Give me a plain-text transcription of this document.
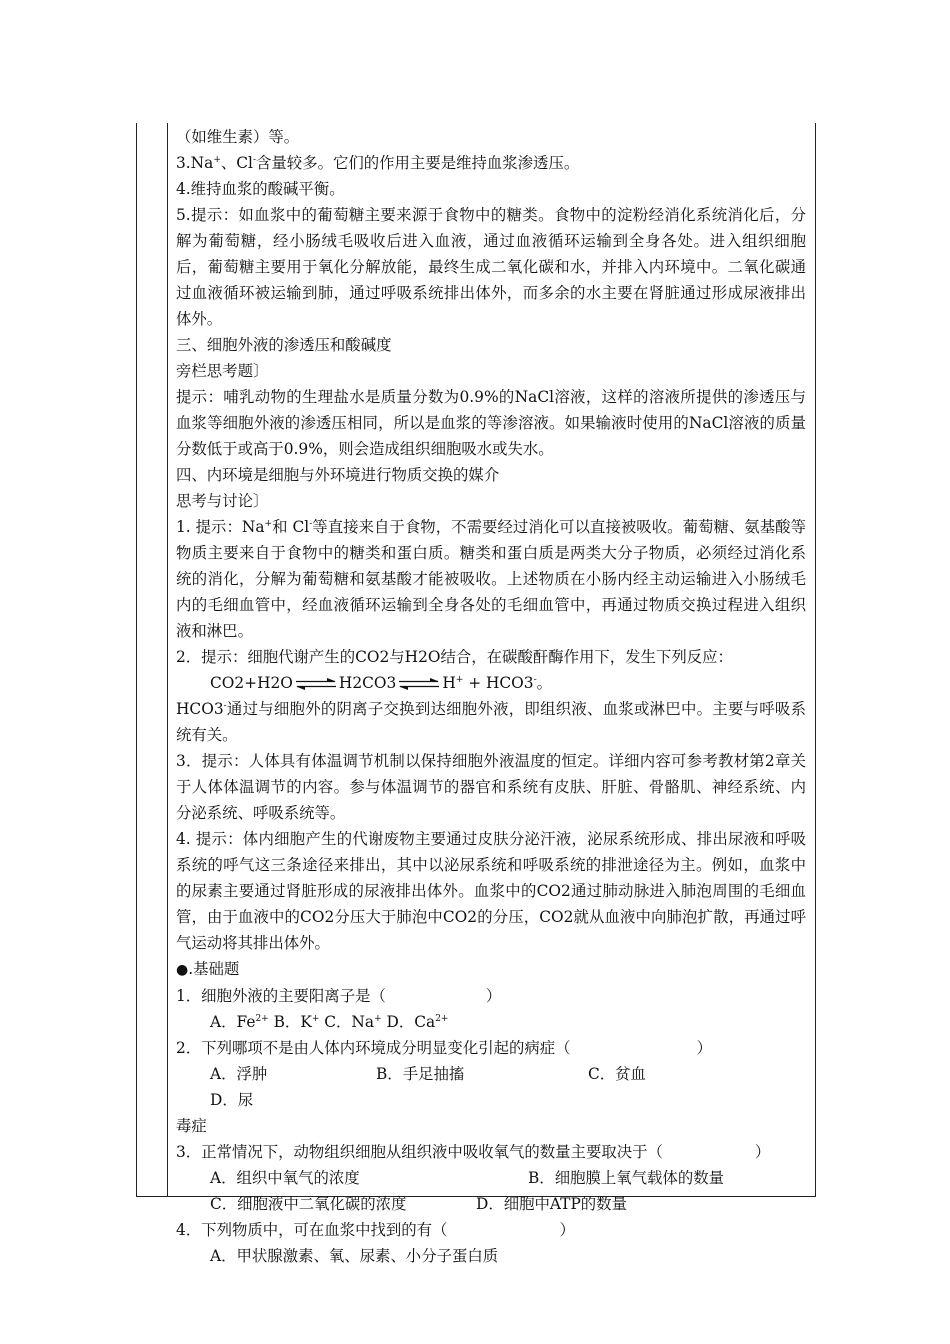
（如维生素）等。

3.Na+、Cl-含量较多。它们的作用主要是维持血浆渗透压。

4.维持血浆的酸碱平衡。

5.提示：如血浆中的葡萄糖主要来源于食物中的糖类。食物中的淀粉经消化系统消化后，分解为葡萄糖，经小肠绒毛吸收后进入血液，通过血液循环运输到全身各处。进入组织细胞后，葡萄糖主要用于氧化分解放能，最终生成二氧化碳和水，并排入内环境中。二氧化碳通过血液循环被运输到肺，通过呼吸系统排出体外，而多余的水主要在肾脏通过形成尿液排出体外。

三、细胞外液的渗透压和酸碱度

旁栏思考题〕

提示：哺乳动物的生理盐水是质量分数为0.9%的NaCl溶液，这样的溶液所提供的渗透压与血浆等细胞外液的渗透压相同，所以是血浆的等渗溶液。如果输液时使用的NaCl溶液的质量分数低于或高于0.9%，则会造成组织细胞吸水或失水。

四、内环境是细胞与外环境进行物质交换的媒介

思考与讨论〕

1. 提示：Na+和 Cl-等直接来自于食物，不需要经过消化可以直接被吸收。葡萄糖、氨基酸等物质主要来自于食物中的糖类和蛋白质。糖类和蛋白质是两类大分子物质，必须经过消化系统的消化，分解为葡萄糖和氨基酸才能被吸收。上述物质在小肠内经主动运输进入小肠绒毛内的毛细血管中，经血液循环运输到全身各处的毛细血管中，再通过物质交换过程进入组织液和淋巴。

2．提示：细胞代谢产生的CO2与H2O结合，在碳酸酐酶作用下，发生下列反应：

CO2+H2O ⇌ H2CO3 ⇌ H+ + HCO3-。

HCO3-通过与细胞外的阴离子交换到达细胞外液，即组织液、血浆或淋巴中。主要与呼吸系统有关。

3．提示：人体具有体温调节机制以保持细胞外液温度的恒定。详细内容可参考教材第2章关于人体体温调节的内容。参与体温调节的器官和系统有皮肤、肝脏、骨骼肌、神经系统、内分泌系统、呼吸系统等。

4. 提示：体内细胞产生的代谢废物主要通过皮肤分泌汗液，泌尿系统形成、排出尿液和呼吸系统的呼气这三条途径来排出，其中以泌尿系统和呼吸系统的排泄途径为主。例如，血浆中的尿素主要通过肾脏形成的尿液排出体外。血浆中的CO2通过肺动脉进入肺泡周围的毛细血管，由于血液中的CO2分压大于肺泡中CO2的分压，CO2就从血液中向肺泡扩散，再通过呼气运动将其排出体外。

●.基础题

1．细胞外液的主要阳离子是（	）

A．$Fe^{2+}$ B．K+ C．Na+ D．$Ca^{2+}$

2．下列哪项不是由人体内环境成分明显变化引起的病症（	）

A．浮肿	B．手足抽搐	C．贫血D．尿

毒症

3．正常情况下，动物组织细胞从组织液中吸收氧气的数量主要取决于（	）

A．组织中氧气的浓度	B．细胞膜上氧气载体的数量

C．细胞液中二氧化碳的浓度	D．细胞中ATP的数量

4．下列物质中，可在血浆中找到的有（	）

A．甲状腺激素、氧、尿素、小分子蛋白质
